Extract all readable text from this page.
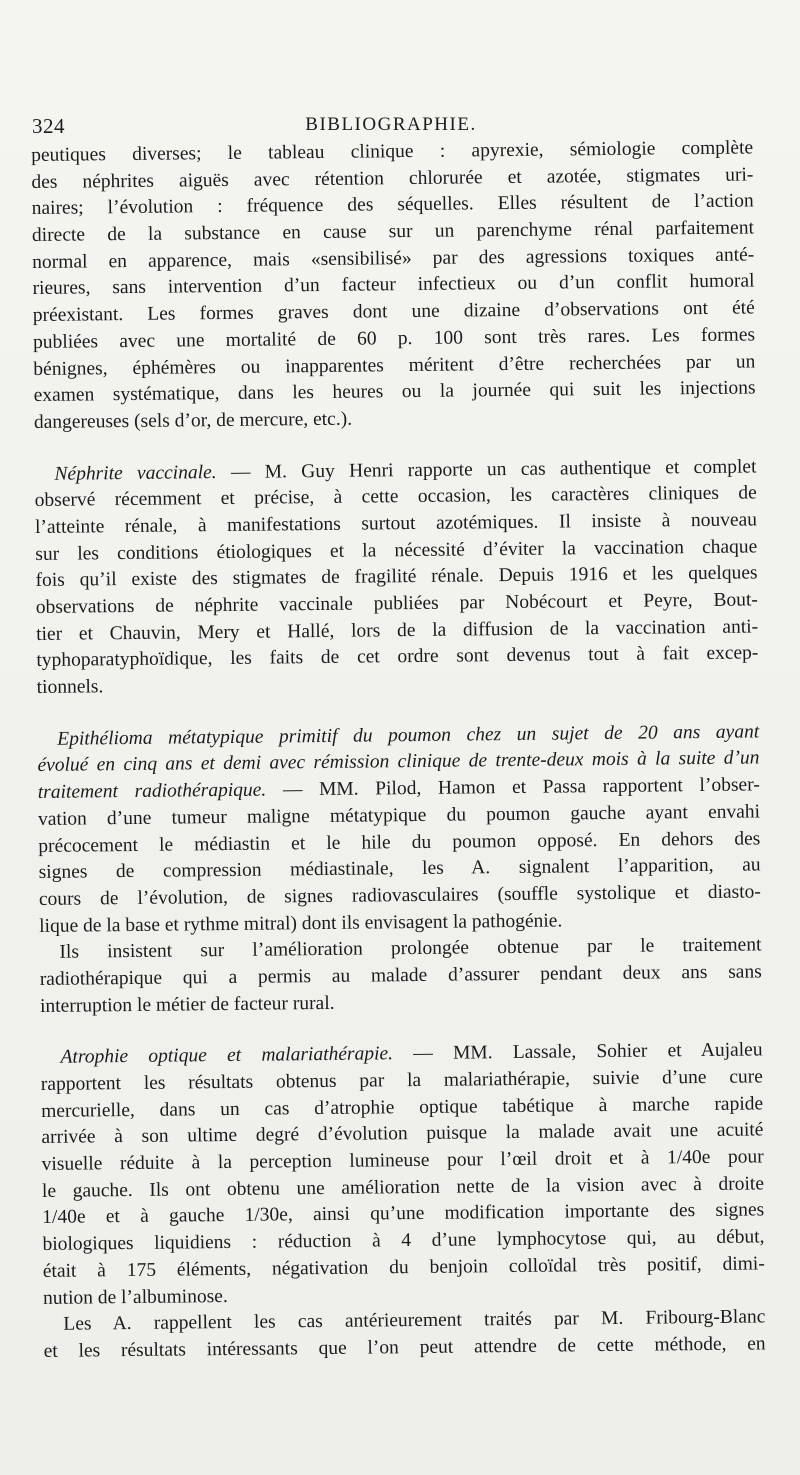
324	BIBLIOGRAPHIE.
peutiques diverses; le tableau clinique : apyrexie, sémiologie complète
des néphrites aiguës avec rétention chlorurée et azotée, stigmates uri-
naires; l’évolution : fréquence des séquelles. Elles résultent de l’action
directe de la substance en cause sur un parenchyme rénal parfaitement
normal en apparence, mais «sensibilisé» par des agressions toxiques anté-
rieures, sans intervention d’un facteur infectieux ou d’un conflit humoral
préexistant. Les formes graves dont une dizaine d’observations ont été
publiées avec une mortalité de 60 p. 100 sont très rares. Les formes
bénignes, éphémères ou inapparentes méritent d’être recherchées par un
examen systématique, dans les heures ou la journée qui suit les injections
dangereuses (sels d’or, de mercure, etc.).
Néphrite vaccinale. — M. Guy Henri rapporte un cas authentique et complet
observé récemment et précise, à cette occasion, les caractères cliniques de
l’atteinte rénale, à manifestations surtout azotémiques. Il insiste à nouveau
sur les conditions étiologiques et la nécessité d’éviter la vaccination chaque
fois qu’il existe des stigmates de fragilité rénale. Depuis 1916 et les quelques
observations de néphrite vaccinale publiées par Nobécourt et Peyre, Bout-
tier et Chauvin, Mery et Hallé, lors de la diffusion de la vaccination anti-
typhoparatyphoïdique, les faits de cet ordre sont devenus tout à fait excep-
tionnels.
Epithélioma métatypique primitif du poumon chez un sujet de 20 ans ayant
évolué en cinq ans et demi avec rémission clinique de trente-deux mois à la suite d’un
traitement radiothérapique. — MM. Pilod, Hamon et Passa rapportent l’obser-
vation d’une tumeur maligne métatypique du poumon gauche ayant envahi
précocement le médiastin et le hile du poumon opposé. En dehors des
signes de compression médiastinale, les A. signalent l’apparition, au
cours de l’évolution, de signes radiovasculaires (souffle systolique et diasto-
lique de la base et rythme mitral) dont ils envisagent la pathogénie.
Ils insistent sur l’amélioration prolongée obtenue par le traitement
radiothérapique qui a permis au malade d’assurer pendant deux ans sans
interruption le métier de facteur rural.
Atrophie optique et malariathérapie. — MM. Lassale, Sohier et Aujaleu
rapportent les résultats obtenus par la malariathérapie, suivie d’une cure
mercurielle, dans un cas d’atrophie optique tabétique à marche rapide
arrivée à son ultime degré d’évolution puisque la malade avait une acuité
visuelle réduite à la perception lumineuse pour l’œil droit et à 1/40e pour
le gauche. Ils ont obtenu une amélioration nette de la vision avec à droite
1/40e et à gauche 1/30e, ainsi qu’une modification importante des signes
biologiques liquidiens : réduction à 4 d’une lymphocytose qui, au début,
était à 175 éléments, négativation du benjoin colloïdal très positif, dimi-
nution de l’albuminose.
Les A. rappellent les cas antérieurement traités par M. Fribourg-Blanc
et les résultats intéressants que l’on peut attendre de cette méthode, en
